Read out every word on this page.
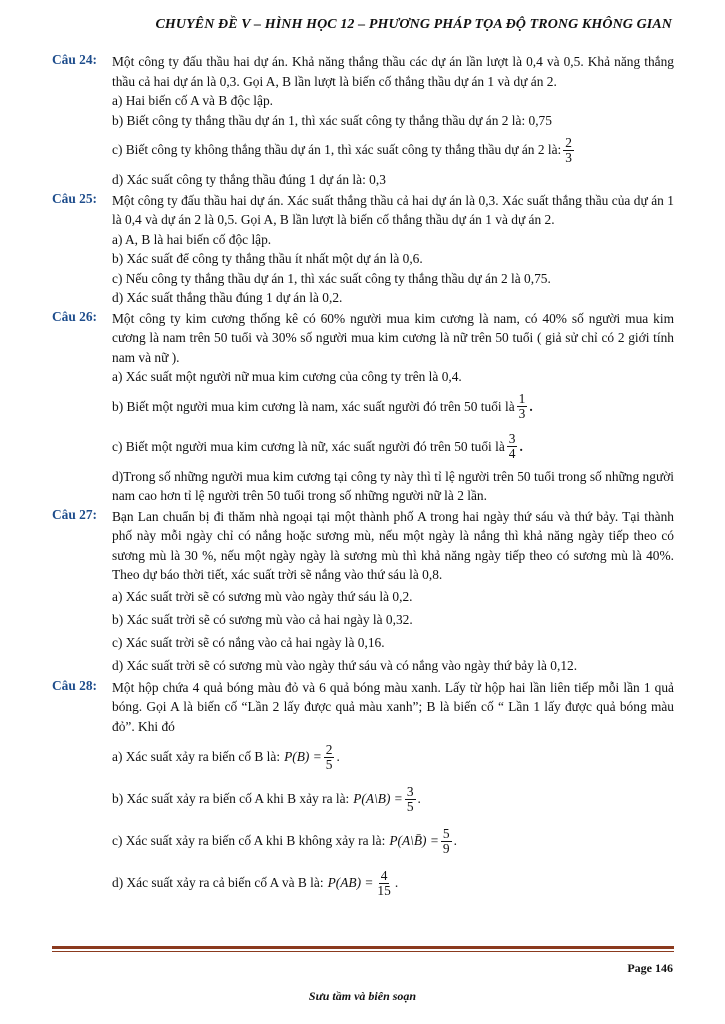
CHUYÊN ĐỀ V – HÌNH HỌC 12 – PHƯƠNG PHÁP TỌA ĐỘ TRONG KHÔNG GIAN
Câu 24:	Một công ty đấu thầu hai dự án. Khả năng thắng thầu các dự án lần lượt là 0,4 và 0,5. Khả năng thắng thầu cả hai dự án là 0,3. Gọi A, B lần lượt là biến cố thắng thầu dự án 1 và dự án 2.
a) Hai biến cố A và B độc lập.
b) Biết công ty thắng thầu dự án 1, thì xác suất công ty thắng thầu dự án 2 là: 0,75
c) Biết công ty không thắng thầu dự án 1, thì xác suất công ty thắng thầu dự án 2 là: $\frac{2}{3}$
d) Xác suất công ty thắng thầu đúng 1 dự án là: 0,3
Câu 25:	Một công ty đấu thầu hai dự án. Xác suất thắng thầu cả hai dự án là 0,3. Xác suất thắng thầu của dự án 1 là 0,4 và dự án 2 là 0,5. Gọi A, B lần lượt là biến cố thắng thầu dự án 1 và dự án 2.
a) A, B là hai biến cố độc lập.
b) Xác suất để công ty thắng thầu ít nhất một dự án là 0,6.
c) Nếu công ty thắng thầu dự án 1, thì xác suất công ty thắng thầu dự án 2 là 0,75.
d) Xác suất thắng thầu đúng 1 dự án là 0,2.
Câu 26:	Một công ty kim cương thống kê có 60% người mua kim cương là nam, có 40% số người mua kim cương là nam trên 50 tuổi và 30% số người mua kim cương là nữ trên 50 tuổi ( giả sử chỉ có 2 giới tính nam và nữ ).
a) Xác suất một người nữ mua kim cương của công ty trên là 0,4.
b) Biết một người mua kim cương là nam, xác suất người đó trên 50 tuổi là $\frac{1}{3}$ .
c) Biết một người mua kim cương là nữ, xác suất người đó trên 50 tuổi là $\frac{3}{4}$ .
d)Trong số những người mua kim cương tại công ty này thì tỉ lệ người trên 50 tuổi trong số những người nam cao hơn tỉ lệ người trên 50 tuổi trong số những người nữ là 2 lần.
Câu 27:	Bạn Lan chuẩn bị đi thăm nhà ngoại tại một thành phố A trong hai ngày thứ sáu và thứ bảy. Tại thành phố này mỗi ngày chỉ có nắng hoặc sương mù, nếu một ngày là nắng thì khả năng ngày tiếp theo có sương mù là 30 %, nếu một ngày ngày là sương mù thì khả năng ngày tiếp theo có sương mù là 40%. Theo dự báo thời tiết, xác suất trời sẽ nắng vào thứ sáu là 0,8.
a) Xác suất trời sẽ có sương mù vào ngày thứ sáu là 0,2.
b) Xác suất trời sẽ có sương mù vào cả hai ngày là 0,32.
c) Xác suất trời sẽ có nắng vào cả hai ngày là 0,16.
d) Xác suất trời sẽ có sương mù vào ngày thứ sáu và có nắng vào ngày thứ bảy là 0,12.
Câu 28:	Một hộp chứa 4 quả bóng màu đỏ và 6 quả bóng màu xanh. Lấy từ hộp hai lần liên tiếp mỗi lần 1 quả bóng. Gọi A là biến cố “Lần 2 lấy được quả màu xanh”; B là biến cố “ Lần 1 lấy được quả bóng màu đỏ”. Khi đó
a) Xác suất xảy ra biến cố B là: $P(B) = \frac{2}{5}$ .
b) Xác suất xảy ra biến cố A khi B xảy ra là: P(A\B) = $\frac{3}{5}$ .
c) Xác suất xảy ra biến cố A khi B không xảy ra là: P(A\B̄) = $\frac{5}{9}$ .
d) Xác suất xảy ra cả biến cố A và B là: $P(AB) = \frac{4}{15}$ .
Page 146
Sưu tầm và biên soạn
